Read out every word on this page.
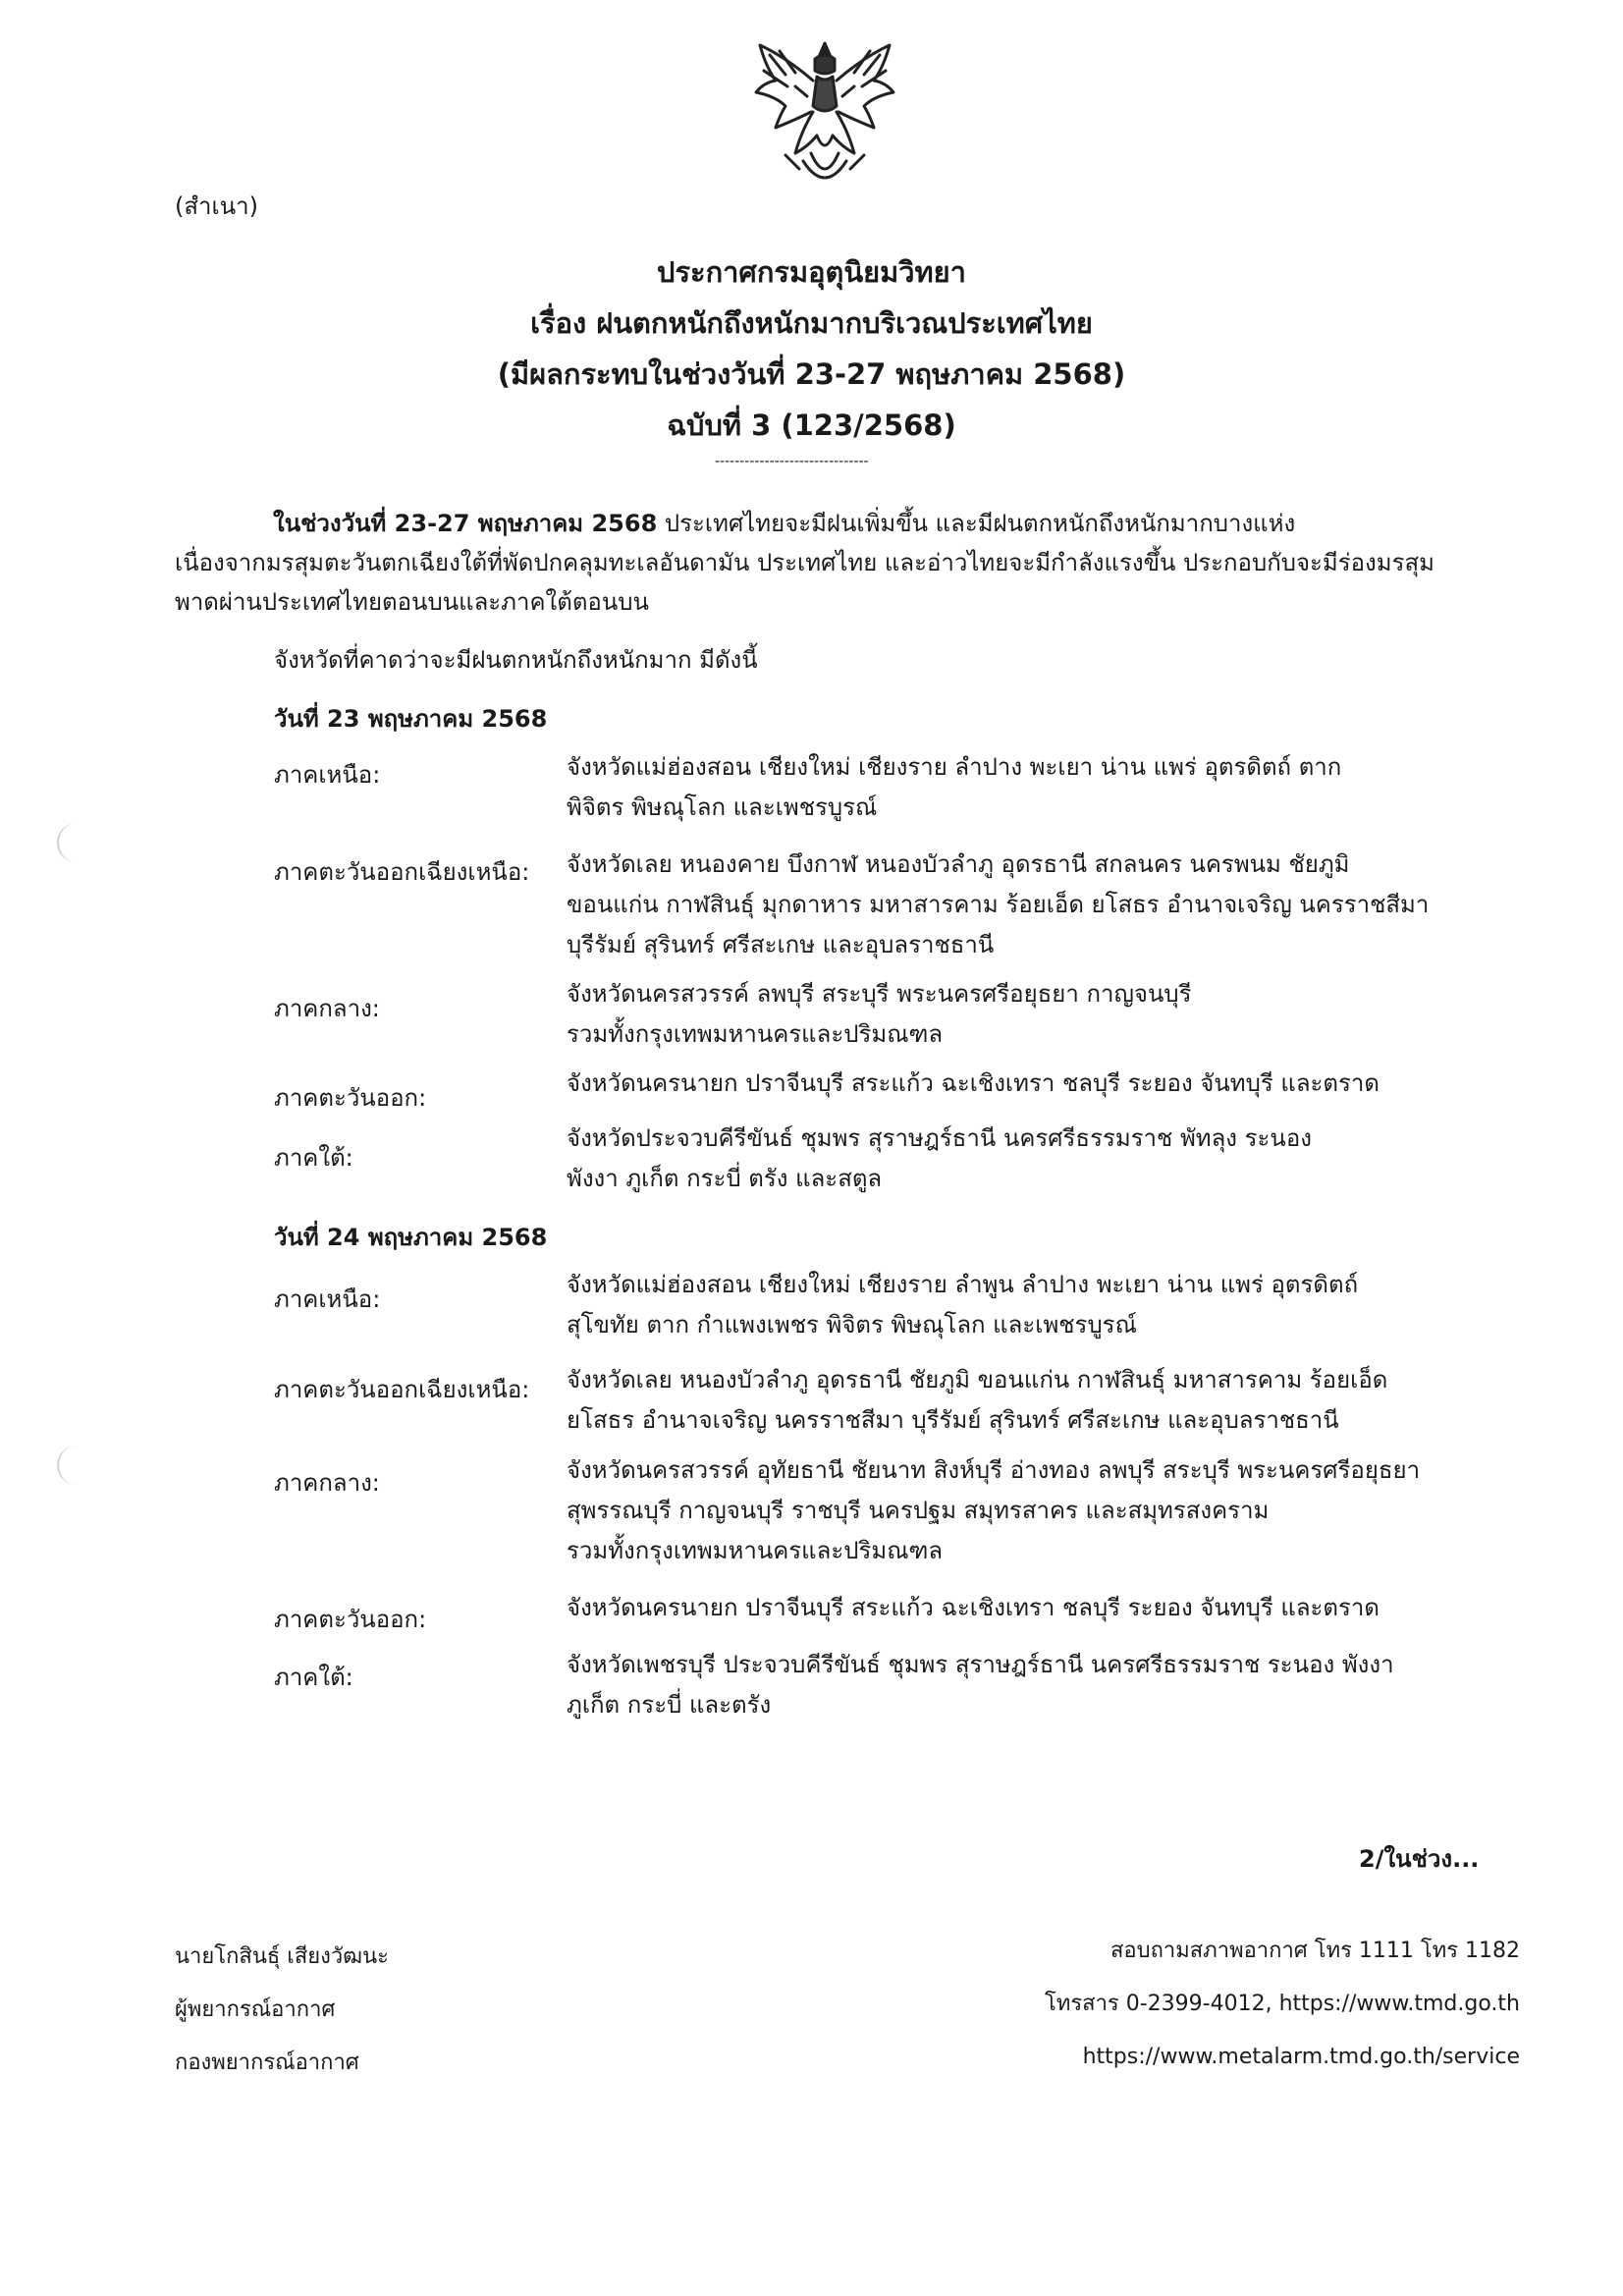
(สำเนา)
ประกาศกรมอุตุนิยมวิทยา
เรื่อง ฝนตกหนักถึงหนักมากบริเวณประเทศไทย
(มีผลกระทบในช่วงวันที่ 23-27 พฤษภาคม 2568)
ฉบับที่ 3 (123/2568)
-------------------------------
ในช่วงวันที่ 23-27 พฤษภาคม 2568 ประเทศไทยจะมีฝนเพิ่มขึ้น และมีฝนตกหนักถึงหนักมากบางแห่ง
เนื่องจากมรสุมตะวันตกเฉียงใต้ที่พัดปกคลุมทะเลอันดามัน ประเทศไทย และอ่าวไทยจะมีกำลังแรงขึ้น ประกอบกับจะมีร่องมรสุม
พาดผ่านประเทศไทยตอนบนและภาคใต้ตอนบน
จังหวัดที่คาดว่าจะมีฝนตกหนักถึงหนักมาก มีดังนี้
วันที่ 23 พฤษภาคม 2568
ภาคเหนือ:	จังหวัดแม่ฮ่องสอน เชียงใหม่ เชียงราย ลำปาง พะเยา น่าน แพร่ อุตรดิตถ์ ตาก
พิจิตร พิษณุโลก และเพชรบูรณ์
ภาคตะวันออกเฉียงเหนือ: จังหวัดเลย หนองคาย บึงกาฬ หนองบัวลำภู อุดรธานี สกลนคร นครพนม ชัยภูมิ
ขอนแก่น กาฬสินธุ์ มุกดาหาร มหาสารคาม ร้อยเอ็ด ยโสธร อำนาจเจริญ นครราชสีมา
บุรีรัมย์ สุรินทร์ ศรีสะเกษ และอุบลราชธานี
ภาคกลาง:
จังหวัดนครสวรรค์ ลพบุรี สระบุรี พระนครศรีอยุธยา กาญจนบุรี
รวมทั้งกรุงเทพมหานครและปริมณฑล
ภาคตะวันออก:
จังหวัดนครนายก ปราจีนบุรี สระแก้ว ฉะเชิงเทรา ชลบุรี ระยอง จันทบุรี และตราด
ภาคใต้:
จังหวัดประจวบคีรีขันธ์ ชุมพร สุราษฎร์ธานี นครศรีธรรมราช พัทลุง ระนอง
พังงา ภูเก็ต กระบี่ ตรัง และสตูล
วันที่ 24 พฤษภาคม 2568
ภาคเหนือ:
จังหวัดแม่ฮ่องสอน เชียงใหม่ เชียงราย ลำพูน ลำปาง พะเยา น่าน แพร่ อุตรดิตถ์
สุโขทัย ตาก กำแพงเพชร พิจิตร พิษณุโลก และเพชรบูรณ์
ภาคตะวันออกเฉียงเหนือ: จังหวัดเลย หนองบัวลำภู อุดรธานี ชัยภูมิ ขอนแก่น กาฬสินธุ์ มหาสารคาม ร้อยเอ็ด
ยโสธร อำนาจเจริญ นครราชสีมา บุรีรัมย์ สุรินทร์ ศรีสะเกษ และอุบลราชธานี
ภาคกลาง:	จังหวัดนครสวรรค์ อุทัยธานี ชัยนาท สิงห์บุรี อ่างทอง ลพบุรี สระบุรี พระนครศรีอยุธยา
สุพรรณบุรี กาญจนบุรี ราชบุรี นครปฐม สมุทรสาคร และสมุทรสงคราม
รวมทั้งกรุงเทพมหานครและปริมณฑล
ภาคตะวันออก:	จังหวัดนครนายก ปราจีนบุรี สระแก้ว ฉะเชิงเทรา ชลบุรี ระยอง จันทบุรี และตราด
ภาคใต้:	จังหวัดเพชรบุรี ประจวบคีรีขันธ์ ชุมพร สุราษฎร์ธานี นครศรีธรรมราช ระนอง พังงา
ภูเก็ต กระบี่ และตรัง
2/ในช่วง...
นายโกสินธุ์ เสียงวัฒนะ
ผู้พยากรณ์อากาศ
กองพยากรณ์อากาศ
สอบถามสภาพอากาศ โทร 1111 โทร 1182
โทรสาร 0-2399-4012, https://www.tmd.go.th
https://www.metalarm.tmd.go.th/service
